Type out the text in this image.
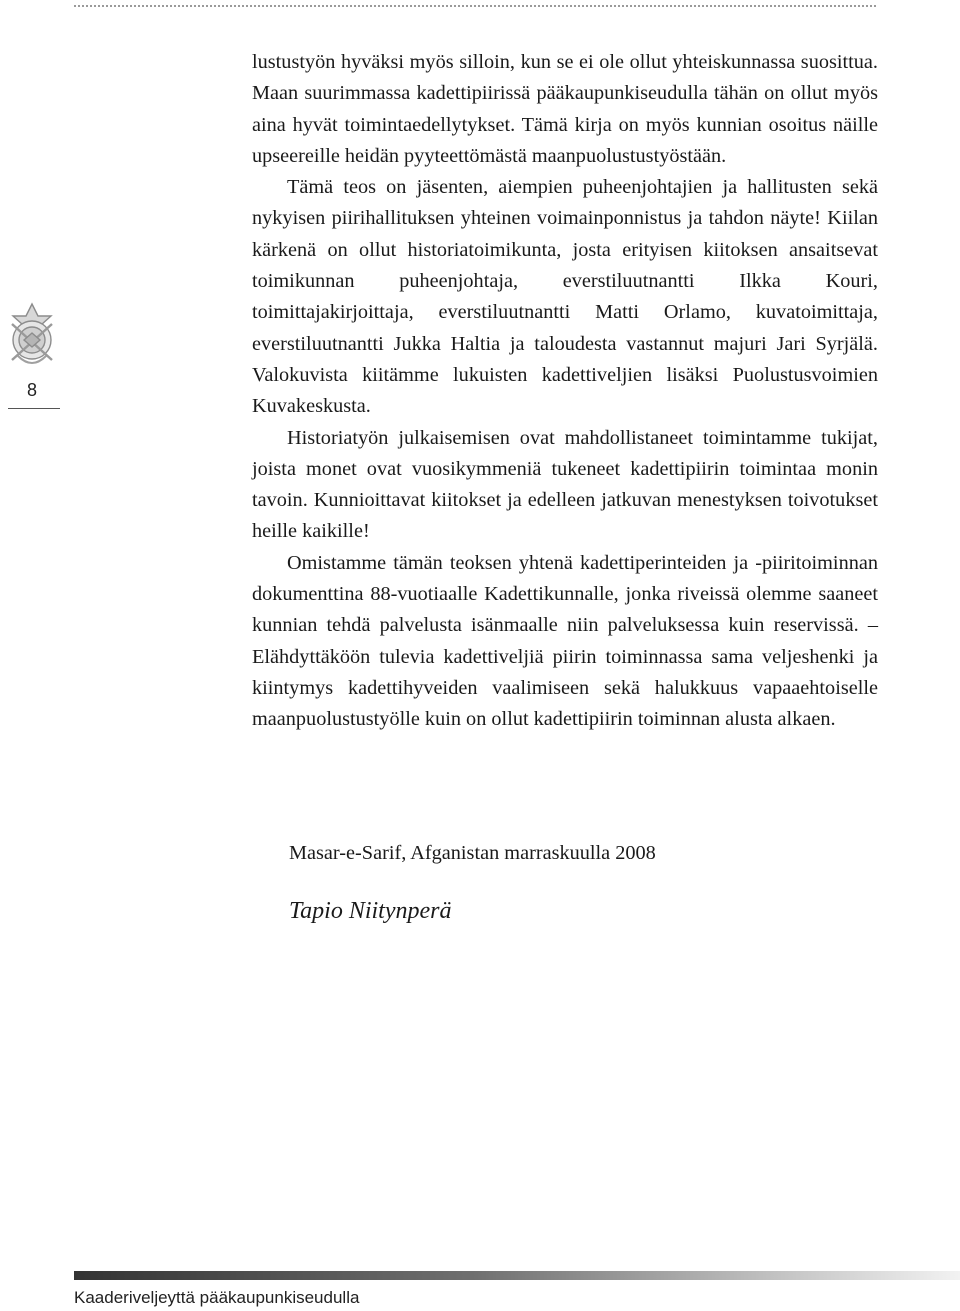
8

lustustyön hyväksi myös silloin, kun se ei ole ollut yhteiskunnassa suosittua. Maan suurimmassa kadettipiirissä pääkaupunkiseudulla tähän on ollut myös aina hyvät toimintaedellytykset. Tämä kirja on myös kunnian osoitus näille upseereille heidän pyyteettömästä maanpuolustustyöstään.

Tämä teos on jäsenten, aiempien puheenjohtajien ja hallitusten sekä nykyisen piirihallituksen yhteinen voimainponnistus ja tahdon näyte! Kiilan kärkenä on ollut historiatoimikunta, josta erityisen kiitoksen ansaitsevat toimikunnan puheenjohtaja, everstiluutnantti Ilkka Kouri, toimittajakirjoittaja, everstiluutnantti Matti Orlamo, kuvatoimittaja, everstiluutnantti Jukka Haltia ja taloudesta vastannut majuri Jari Syrjälä. Valokuvista kiitämme lukuisten kadettiveljien lisäksi Puolustusvoimien Kuvakeskusta.

Historiatyön julkaisemisen ovat mahdollistaneet toimintamme tukijat, joista monet ovat vuosikymmeniä tukeneet kadettipiirin toimintaa monin tavoin. Kunnioittavat kiitokset ja edelleen jatkuvan menestyksen toivotukset heille kaikille!

Omistamme tämän teoksen yhtenä kadettiperinteiden ja -piiritoiminnan dokumenttina 88-vuotiaalle Kadettikunnalle, jonka riveissä olemme saaneet kunnian tehdä palvelusta isänmaalle niin palveluksessa kuin reservissä. – Elähdyttäköön tulevia kadettiveljiä piirin toiminnassa sama veljeshenki ja kiintymys kadettihyveiden vaalimiseen sekä halukkuus vapaaehtoiselle maanpuolustustyölle kuin on ollut kadettipiirin toiminnan alusta alkaen.

Masar-e-Sarif, Afganistan marraskuulla 2008
Tapio Niitynperä
Kaaderiveljeyttä pääkaupunkiseudulla
